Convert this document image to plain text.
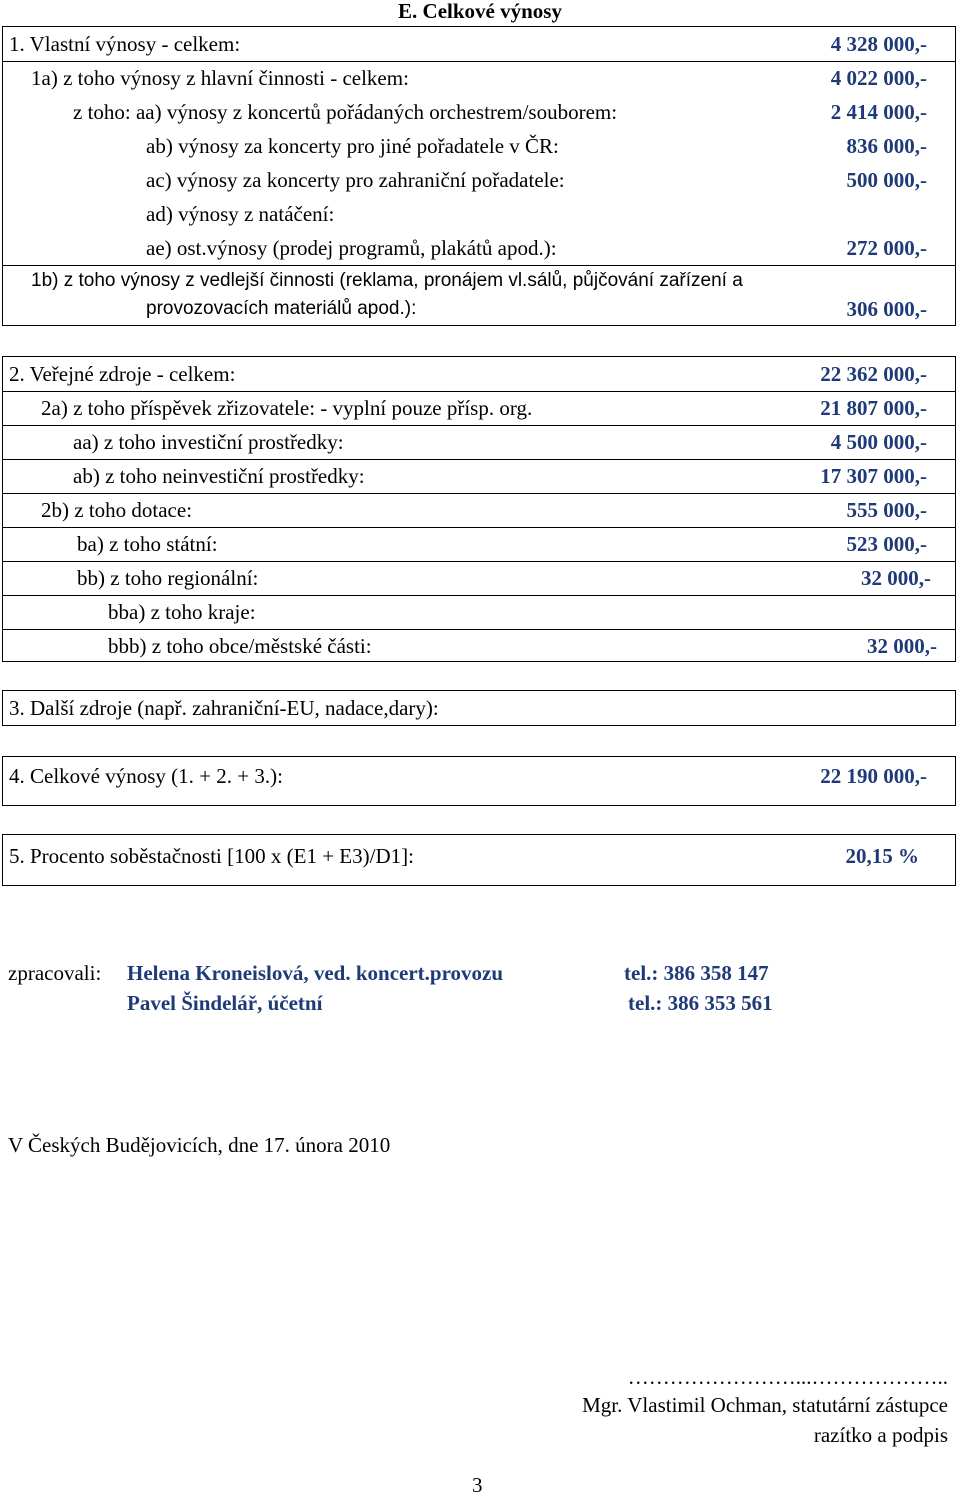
E. Celkové výnosy
1. Vlastní výnosy - celkem:	4 328 000,-
1a) z toho výnosy z hlavní činnosti - celkem:	4 022 000,-
z toho: aa) výnosy z koncertů pořádaných orchestrem/souborem:	2 414 000,-
ab) výnosy za koncerty pro jiné pořadatele v ČR:	836 000,-
ac) výnosy za koncerty pro zahraniční pořadatele:	500 000,-
ad) výnosy z natáčení:
ae) ost.výnosy (prodej programů, plakátů apod.):	272 000,-
1b) z toho výnosy z vedlejší činnosti (reklama, pronájem vl.sálů, půjčování zařízení a
provozovacích materiálů apod.):	306 000,-
2. Veřejné zdroje - celkem:	22 362 000,-
2a) z toho příspěvek zřizovatele: - vyplní pouze přísp. org.	21 807 000,-
aa) z toho investiční prostředky:	4 500 000,-
ab) z toho neinvestiční prostředky:	17 307 000,-
2b) z toho dotace:	555 000,-
ba) z toho státní:	523 000,-
bb) z toho regionální:	32 000,-
bba) z toho kraje:
bbb) z toho obce/městské části:	32 000,-
3. Další zdroje (např. zahraniční-EU, nadace,dary):
4. Celkové výnosy (1. + 2. + 3.):	22 190 000,-
5. Procento soběstačnosti [100 x (E1 + E3)/D1]:	20,15 %
zpracovali: Helena Kroneislová, ved. koncert.provozu	tel.: 386 358 147
Pavel Šindelář, účetní	tel.: 386 353 561
V Českých Budějovicích, dne 17. února 2010
……………………...………………..
Mgr. Vlastimil Ochman, statutární zástupce
razítko a podpis
3
